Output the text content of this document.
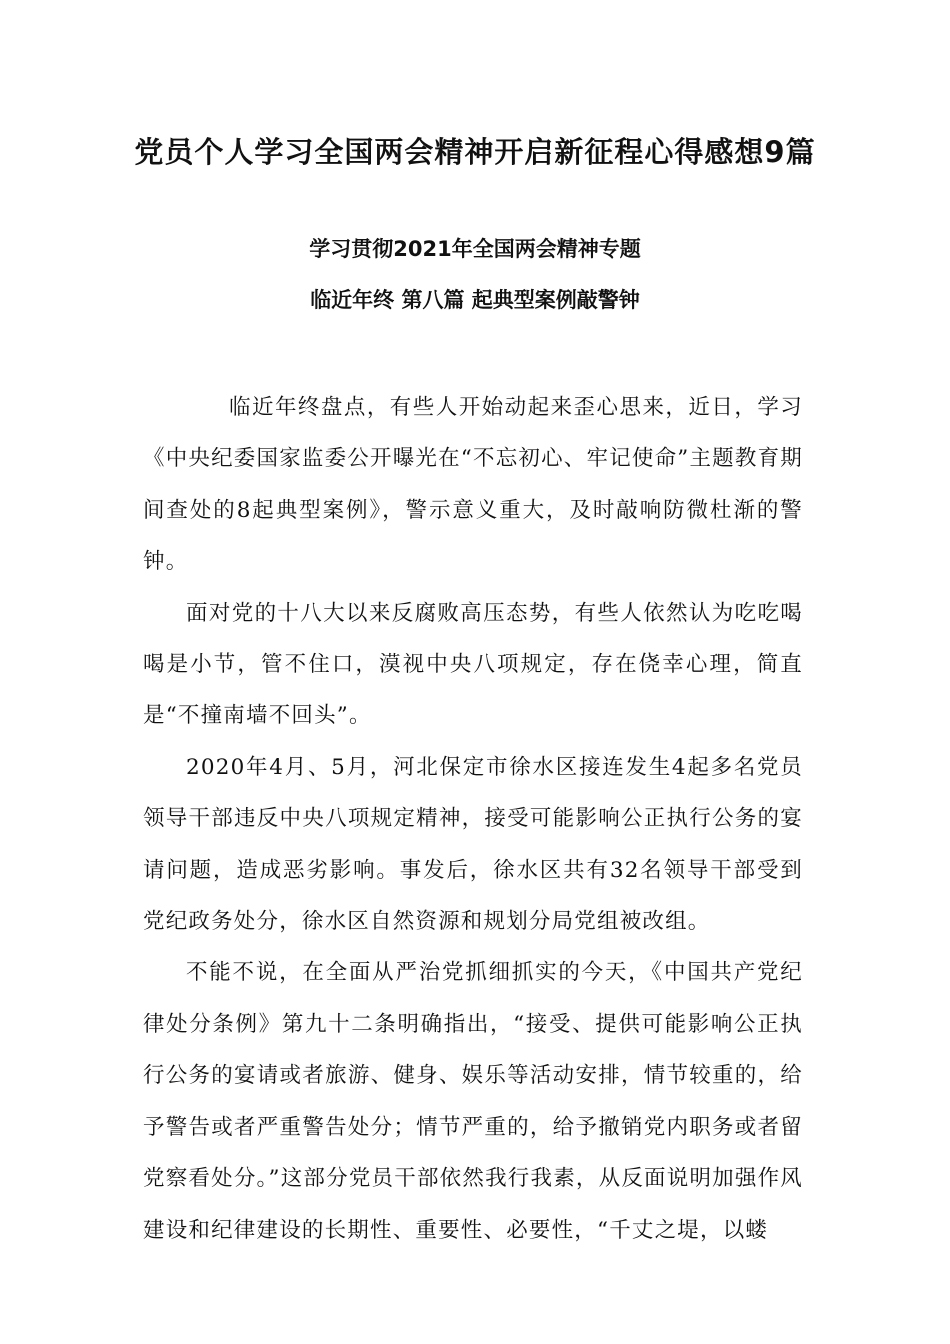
党员个人学习全国两会精神开启新征程心得感想9篇
学习贯彻2021年全国两会精神专题
临近年终 第八篇 起典型案例敲警钟

临近年终盘点，有些人开始动起来歪心思来，近日，学习《中央纪委国家监委公开曝光在“不忘初心、牢记使命”主题教育期间查处的8起典型案例》，警示意义重大，及时敲响防微杜渐的警钟。

面对党的十八大以来反腐败高压态势，有些人依然认为吃吃喝喝是小节，管不住口，漠视中央八项规定，存在侥幸心理，简直是“不撞南墙不回头”。

2020年4月、5月，河北保定市徐水区接连发生4起多名党员领导干部违反中央八项规定精神，接受可能影响公正执行公务的宴请问题，造成恶劣影响。事发后，徐水区共有32名领导干部受到党纪政务处分，徐水区自然资源和规划分局党组被改组。

不能不说，在全面从严治党抓细抓实的今天，《中国共产党纪律处分条例》第九十二条明确指出，“接受、提供可能影响公正执行公务的宴请或者旅游、健身、娱乐等活动安排，情节较重的，给予警告或者严重警告处分；情节严重的，给予撤销党内职务或者留党察看处分。”这部分党员干部依然我行我素，从反面说明加强作风建设和纪律建设的长期性、重要性、必要性，“千丈之堤，以蝼
